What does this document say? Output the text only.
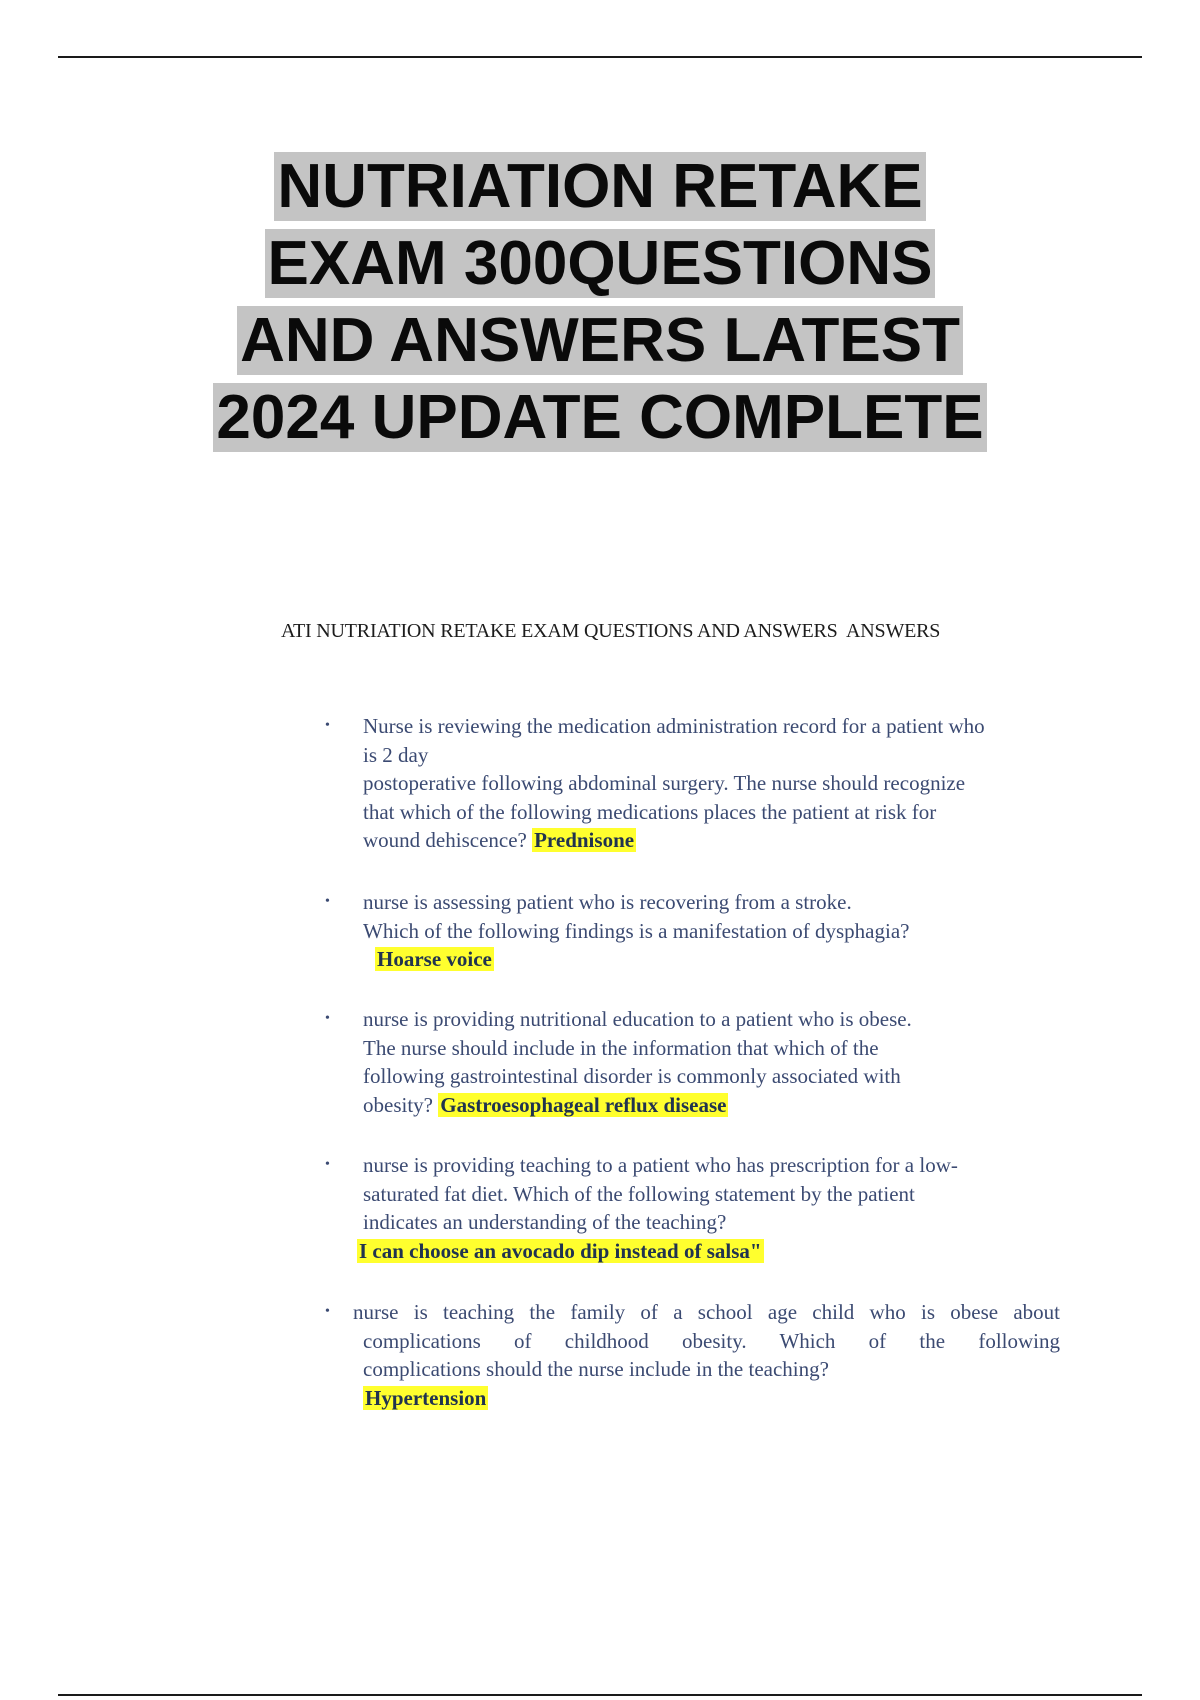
NUTRIATION RETAKE
EXAM 300QUESTIONS
AND ANSWERS LATEST
2024 UPDATE COMPLETE
ATI NUTRIATION RETAKE EXAM QUESTIONS AND ANSWERS  ANSWERS
• Nurse is reviewing the medication administration record for a patient who
is 2 day
postoperative following abdominal surgery. The nurse should recognize
that which of the following medications places the patient at risk for
wound dehiscence? Prednisone
• nurse is assessing patient who is recovering from a stroke.
Which of the following findings is a manifestation of dysphagia?
Hoarse voice
• nurse is providing nutritional education to a patient who is obese.
The nurse should include in the information that which of the
following gastrointestinal disorder is commonly associated with
obesity? Gastroesophageal reflux disease
• nurse is providing teaching to a patient who has prescription for a low-
saturated fat diet. Which of the following statement by the patient
indicates an understanding of the teaching?
I can choose an avocado dip instead of salsa"
• nurse is teaching the family of a school age child who is obese about
complications of childhood obesity. Which of the following
complications should the nurse include in the teaching?
Hypertension
